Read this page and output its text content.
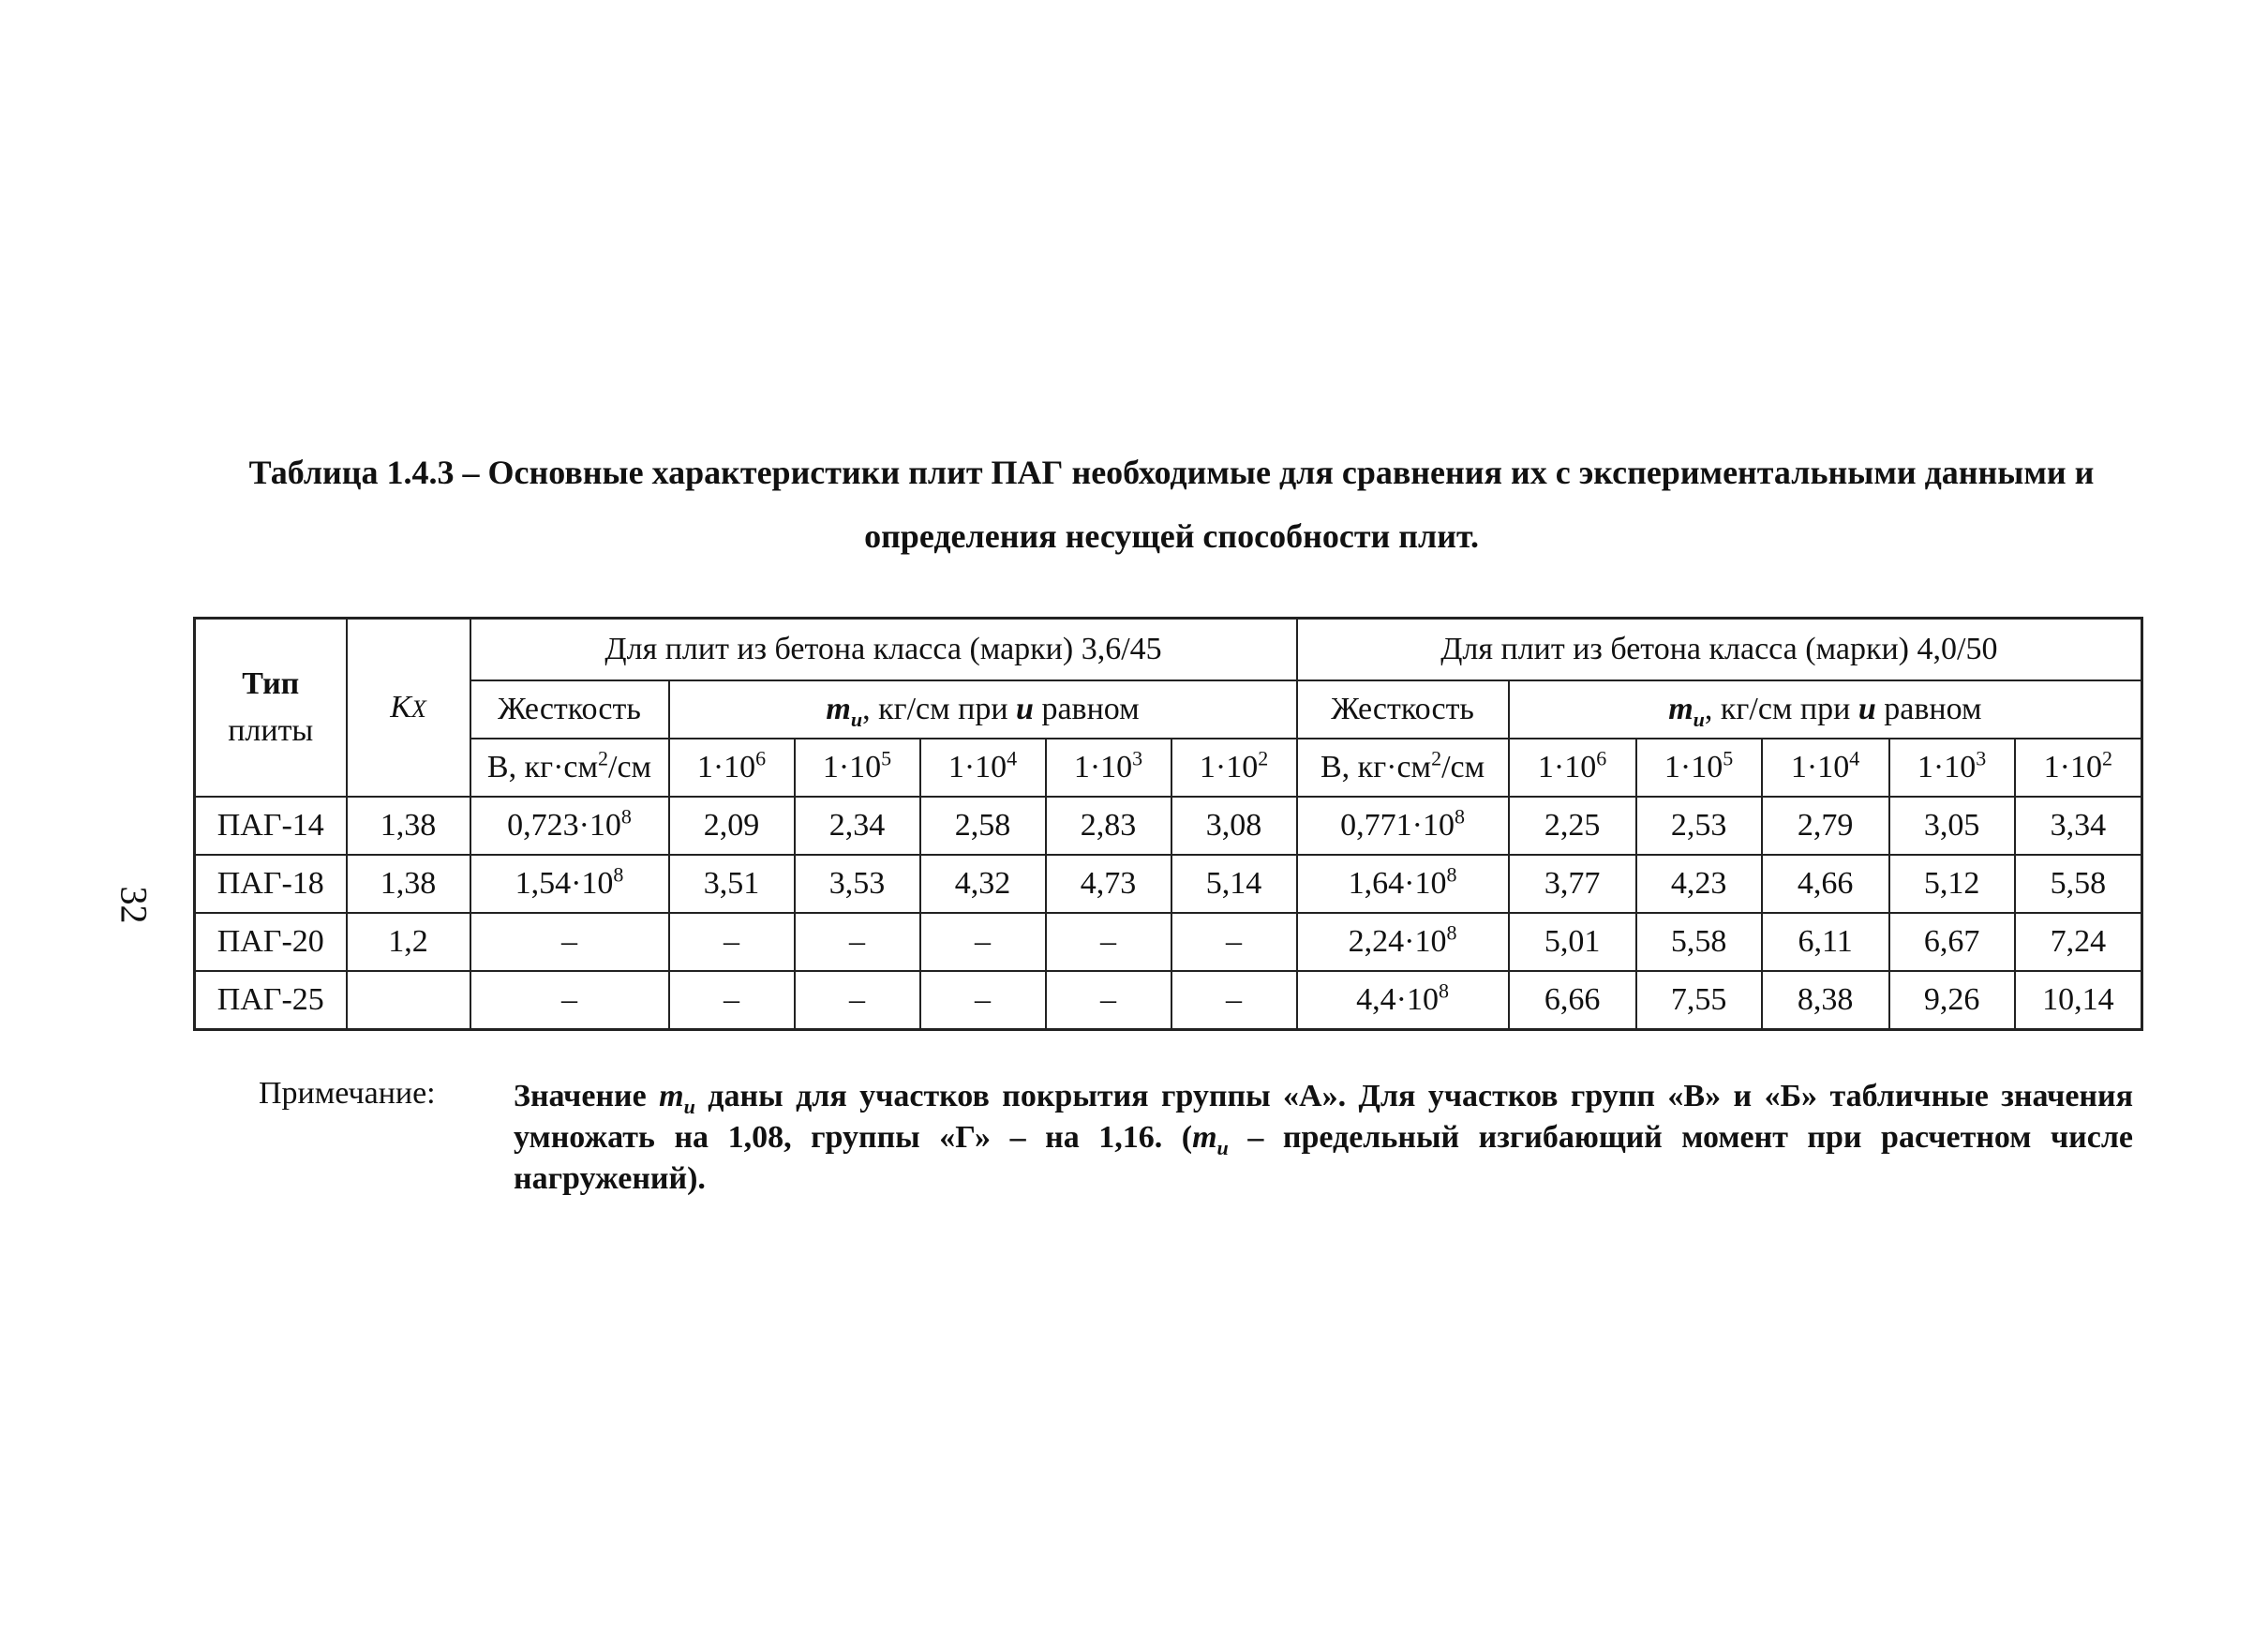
32
Таблица 1.4.3 – Основные характеристики плит ПАГ необходимые для сравнения их с экспериментальными данными и
определения несущей способности плит.
Тип
плиты	KX	Для плит из бетона класса (марки) 3,6/45						Для плит из бетона класса (марки) 4,0/50					
		Жесткость	$m_u$, кг/см при u равном					Жесткость	$m_u$, кг/см при u равном				
		В, $кг\cdot см^2/см$	$1\cdot 10^6$	$1\cdot 10^5$	$1\cdot 10^4$	$1\cdot 10^3$	$1\cdot 10^2$	В, $кг\cdot см^2/см$	$1\cdot 10^6$	$1\cdot 10^5$	$1\cdot 10^4$	$1\cdot 10^3$	$1\cdot 10^2$
ПАГ-14	1,38	$0,723\cdot 10^8$	2,09	2,34	2,58	2,83	3,08	$0,771\cdot 10^8$	2,25	2,53	2,79	3,05	3,34
ПАГ-18	1,38	$1,54\cdot 10^8$	3,51	3,53	4,32	4,73	5,14	$1,64\cdot 10^8$	3,77	4,23	4,66	5,12	5,58
ПАГ-20	1,2	–	–	–	–	–	–	$2,24\cdot 10^8$	5,01	5,58	6,11	6,67	7,24
ПАГ-25		–	–	–	–	–	–	$4,4\cdot 10^8$	6,66	7,55	8,38	9,26	10,14
Примечание:	Значение $m_u$ даны для участков покрытия группы «А». Для участков групп «В» и «Б» табличные значения умножать на 1,08, группы «Г» – на 1,16. ($m_u$ – предельный изгибающий момент при расчетном числе нагружений).
